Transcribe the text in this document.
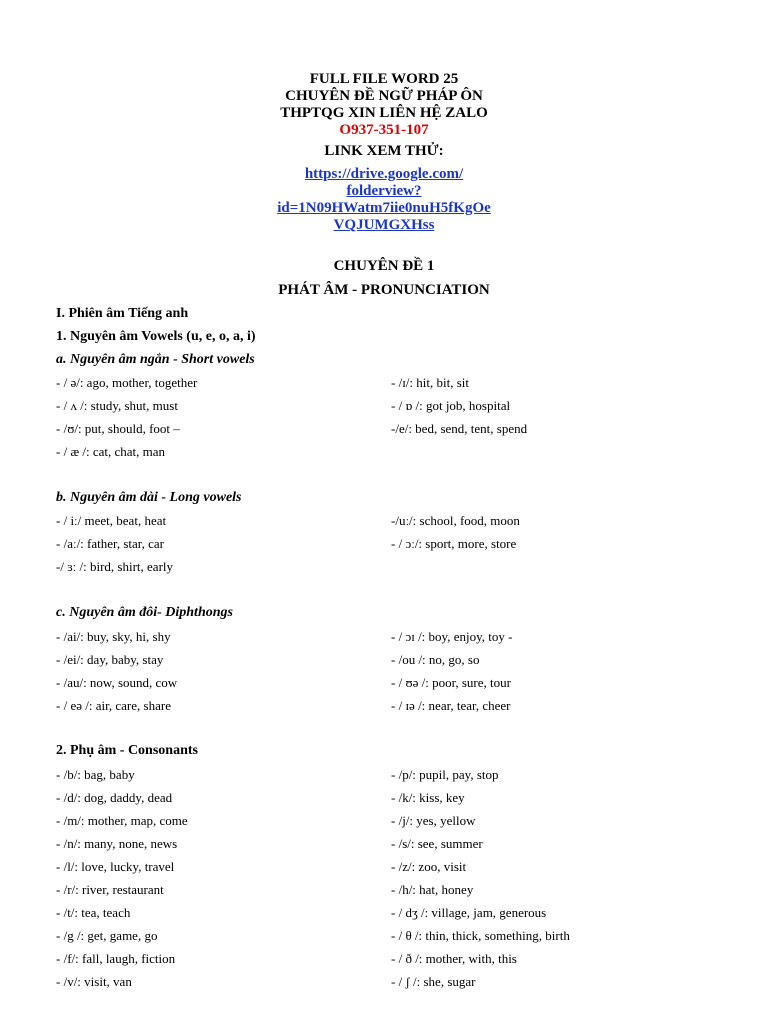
FULL FILE WORD 25
CHUYÊN ĐỀ NGỮ PHÁP ÔN
THPTQG XIN LIÊN HỆ ZALO
O937-351-107
LINK XEM THỬ:
https://drive.google.com/
folderview?
id=1N09HWatm7iie0nuH5fKgOe
VQJUMGXHss
CHUYÊN ĐỀ 1
PHÁT ÂM - PRONUNCIATION
I. Phiên âm Tiếng anh
1. Nguyên âm Vowels (u, e, o, a, i)
a. Nguyên âm ngắn - Short vowels
- / ə/: ago, mother, together	- /ɪ/: hit, bit, sit
- / ʌ /: study, shut, must	- / ɒ /: got job, hospital
- /ʊ/: put, should, foot –	-/e/: bed, send, tent, spend
- / æ /: cat, chat, man
b. Nguyên âm dài - Long vowels
- / iː/ meet, beat, heat	-/uː/: school, food, moon
- /aː/: father, star, car	- / ɔː/: sport, more, store
-/ ɜː /: bird, shirt, early
c. Nguyên âm đôi- Diphthongs
- /ai/: buy, sky, hi, shy	- / ɔɪ /: boy, enjoy, toy -
- /ei/: day, baby, stay	- /ou /: no, go, so
- /au/: now, sound, cow	- / ʊə /: poor, sure, tour
- / eə /: air, care, share	- / ɪə /: near, tear, cheer
2. Phụ âm - Consonants
- /b/: bag, baby	- /p/: pupil, pay, stop
- /d/: dog, daddy, dead	- /k/: kiss, key
- /m/: mother, map, come	- /j/: yes, yellow
- /n/: many, none, news	- /s/: see, summer
- /l/: love, lucky, travel	- /z/: zoo, visit
- /r/: river, restaurant	- /h/: hat, honey
- /t/: tea, teach	- / dʒ /: village, jam, generous
- /g /: get, game, go	- / θ /: thin, thick, something, birth
- /f/: fall, laugh, fiction	- / ð /: mother, with, this
- /v/: visit, van	- / ʃ /: she, sugar
